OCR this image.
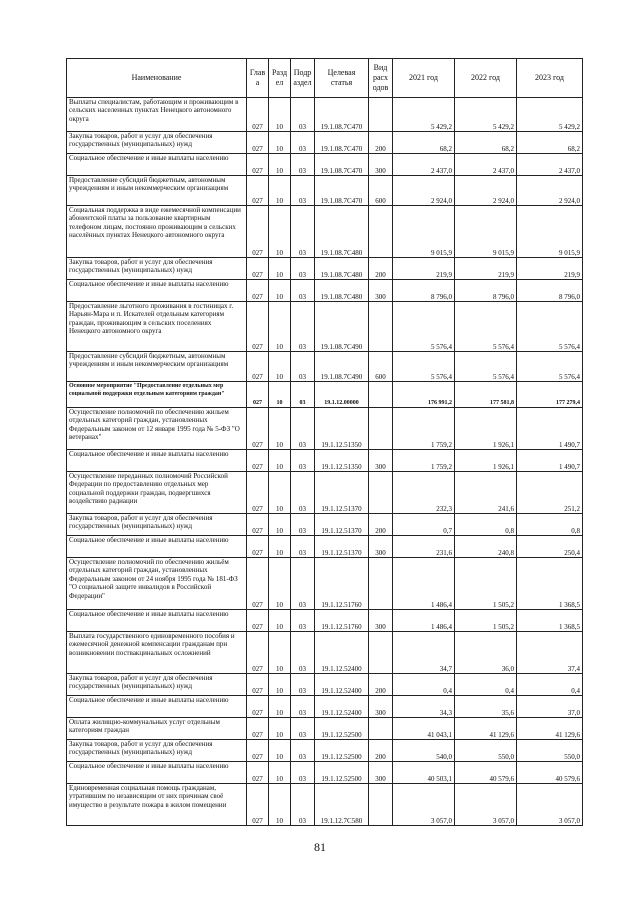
Наименование	Глав а	Разд ел	Подр аздел	Целевая статья	Вид расх одов	2021 год	2022 год	2023 год
Выплаты специалистам, работающим и проживающим в сельских населенных пунктах Ненецкого автономного округа	027	10	03	19.1.08.7С470		5 429,2	5 429,2	5 429,2
Закупка товаров, работ и услуг для обеспечения государственных (муниципальных) нужд	027	10	03	19.1.08.7С470	200	68,2	68,2	68,2
Социальное обеспечение и иные выплаты населению	027	10	03	19.1.08.7С470	300	2 437,0	2 437,0	2 437,0
Предоставление субсидий бюджетным, автономным учреждениям и иным некоммерческим организациям	027	10	03	19.1.08.7С470	600	2 924,0	2 924,0	2 924,0
Социальная поддержка в виде ежемесячной компенсации абонентской платы за пользование квартирным телефоном лицам, постоянно проживающим в сельских населённых пунктах Ненецкого автономного округа	027	10	03	19.1.08.7С480		9 015,9	9 015,9	9 015,9
Закупка товаров, работ и услуг для обеспечения государственных (муниципальных) нужд	027	10	03	19.1.08.7С480	200	219,9	219,9	219,9
Социальное обеспечение и иные выплаты населению	027	10	03	19.1.08.7С480	300	8 796,0	8 796,0	8 796,0
Предоставление льготного проживания в гостиницах г. Нарьян-Мара и п. Искателей отдельным категориям граждан, проживающим в сельских поселениях Ненецкого автономного округа	027	10	03	19.1.08.7С490		5 576,4	5 576,4	5 576,4
Предоставление субсидий бюджетным, автономным учреждениям и иным некоммерческим организациям	027	10	03	19.1.08.7С490	600	5 576,4	5 576,4	5 576,4
Основное мероприятие "Предоставление отдельных мер социальной поддержки отдельным категориям граждан"	027	10	03	19.1.12.00000		176 991,2	177 581,8	177 279,4
Осуществление полномочий по обеспечению жильем отдельных категорий граждан, установленных Федеральным законом от 12 января 1995 года № 5-ФЗ "О ветеранах"	027	10	03	19.1.12.51350		1 759,2	1 926,1	1 490,7
Социальное обеспечение и иные выплаты населению	027	10	03	19.1.12.51350	300	1 759,2	1 926,1	1 490,7
Осуществление переданных полномочий Российской Федерации по предоставлению отдельных мер социальной поддержки граждан, подвергшихся воздействию радиации	027	10	03	19.1.12.51370		232,3	241,6	251,2
Закупка товаров, работ и услуг для обеспечения государственных (муниципальных) нужд	027	10	03	19.1.12.51370	200	0,7	0,8	0,8
Социальное обеспечение и иные выплаты населению	027	10	03	19.1.12.51370	300	231,6	240,8	250,4
Осуществление полномочий по обеспечению жильём отдельных категорий граждан, установленных Федеральным законом от 24 ноября 1995 года № 181-ФЗ "О социальной защите инвалидов в Российской Федерации"	027	10	03	19.1.12.51760		1 486,4	1 505,2	1 368,5
Социальное обеспечение и иные выплаты населению	027	10	03	19.1.12.51760	300	1 486,4	1 505,2	1 368,5
Выплата государственного единовременного пособия и ежемесячной денежной компенсации гражданам при возникновении поствакцинальных осложнений	027	10	03	19.1.12.52400		34,7	36,0	37,4
Закупка товаров, работ и услуг для обеспечения государственных (муниципальных) нужд	027	10	03	19.1.12.52400	200	0,4	0,4	0,4
Социальное обеспечение и иные выплаты населению	027	10	03	19.1.12.52400	300	34,3	35,6	37,0
Оплата жилищно-коммунальных услуг отдельным категориям граждан	027	10	03	19.1.12.52500		41 043,1	41 129,6	41 129,6
Закупка товаров, работ и услуг для обеспечения государственных (муниципальных) нужд	027	10	03	19.1.12.52500	200	540,0	550,0	550,0
Социальное обеспечение и иные выплаты населению	027	10	03	19.1.12.52500	300	40 503,1	40 579,6	40 579,6
Единовременная социальная помощь гражданам, утратившим по независящим от них причинам своё имущество в результате пожара в жилом помещении	027	10	03	19.1.12.7С580		3 057,0	3 057,0	3 057,0
81
